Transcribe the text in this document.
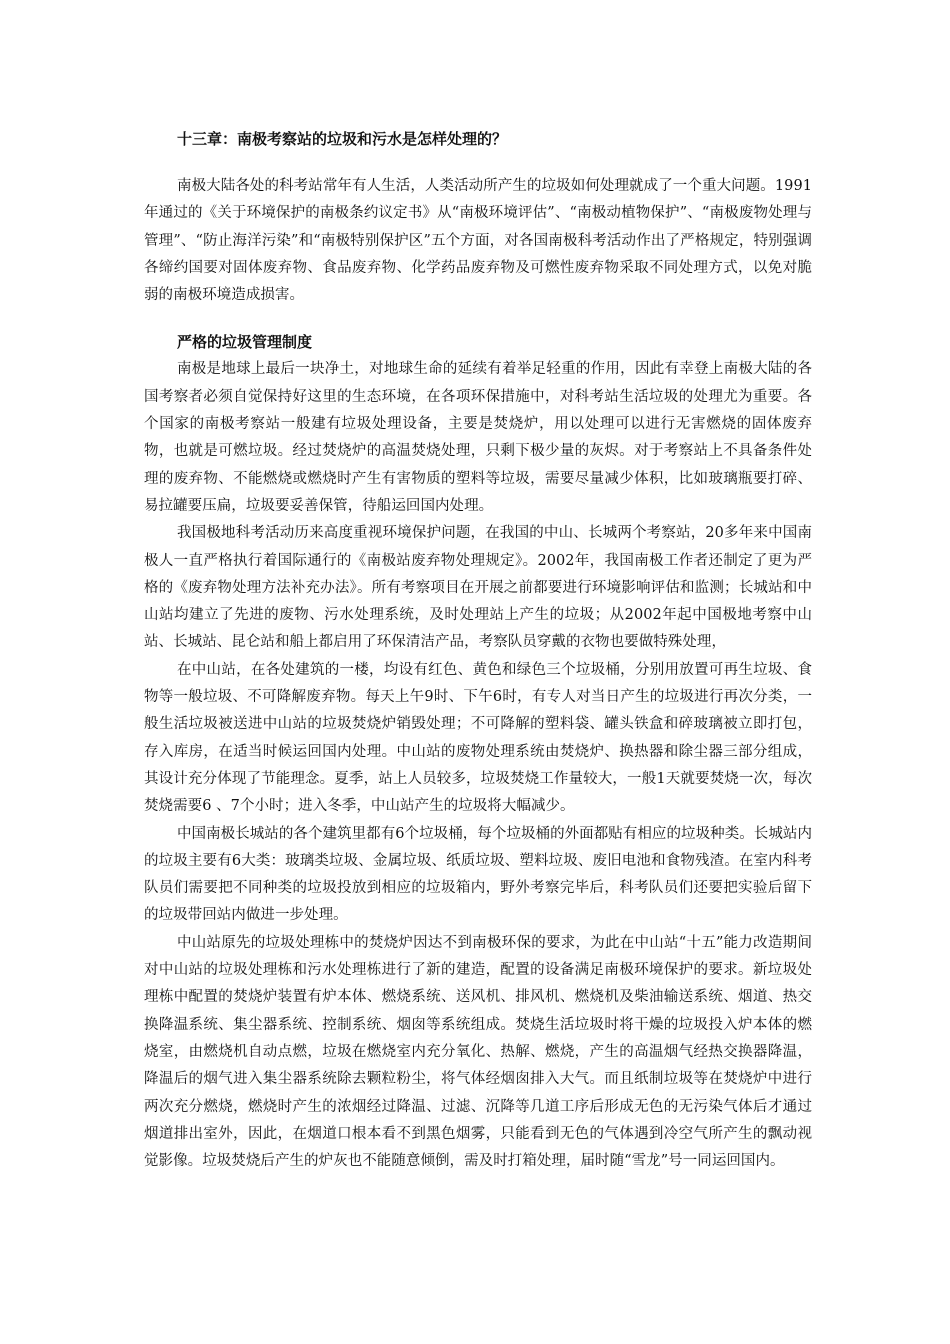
十三章：南极考察站的垃圾和污水是怎样处理的？

南极大陆各处的科考站常年有人生活，人类活动所产生的垃圾如何处理就成了一个重大问题。1991年通过的《关于环境保护的南极条约议定书》从“南极环境评估”、“南极动植物保护”、“南极废物处理与管理”、“防止海洋污染”和“南极特别保护区”五个方面，对各国南极科考活动作出了严格规定，特别强调各缔约国要对固体废弃物、食品废弃物、化学药品废弃物及可燃性废弃物采取不同处理方式，以免对脆弱的南极环境造成损害。

严格的垃圾管理制度

南极是地球上最后一块净土，对地球生命的延续有着举足轻重的作用，因此有幸登上南极大陆的各国考察者必须自觉保持好这里的生态环境，在各项环保措施中，对科考站生活垃圾的处理尤为重要。各个国家的南极考察站一般建有垃圾处理设备，主要是焚烧炉，用以处理可以进行无害燃烧的固体废弃物，也就是可燃垃圾。经过焚烧炉的高温焚烧处理，只剩下极少量的灰烬。对于考察站上不具备条件处理的废弃物、不能燃烧或燃烧时产生有害物质的塑料等垃圾，需要尽量减少体积，比如玻璃瓶要打碎、易拉罐要压扁，垃圾要妥善保管，待船运回国内处理。

我国极地科考活动历来高度重视环境保护问题，在我国的中山、长城两个考察站，20多年来中国南极人一直严格执行着国际通行的《南极站废弃物处理规定》。2002年，我国南极工作者还制定了更为严格的《废弃物处理方法补充办法》。所有考察项目在开展之前都要进行环境影响评估和监测；长城站和中山站均建立了先进的废物、污水处理系统，及时处理站上产生的垃圾；从2002年起中国极地考察中山站、长城站、昆仑站和船上都启用了环保清洁产品，考察队员穿戴的衣物也要做特殊处理，

在中山站，在各处建筑的一楼，均设有红色、黄色和绿色三个垃圾桶，分别用放置可再生垃圾、食物等一般垃圾、不可降解废弃物。每天上午9时、下午6时，有专人对当日产生的垃圾进行再次分类，一般生活垃圾被送进中山站的垃圾焚烧炉销毁处理；不可降解的塑料袋、罐头铁盒和碎玻璃被立即打包，存入库房，在适当时候运回国内处理。中山站的废物处理系统由焚烧炉、换热器和除尘器三部分组成，其设计充分体现了节能理念。夏季，站上人员较多，垃圾焚烧工作量较大，一般1天就要焚烧一次，每次焚烧需要6 、7个小时；进入冬季，中山站产生的垃圾将大幅减少。

中国南极长城站的各个建筑里都有6个垃圾桶，每个垃圾桶的外面都贴有相应的垃圾种类。长城站内的垃圾主要有6大类：玻璃类垃圾、金属垃圾、纸质垃圾、塑料垃圾、废旧电池和食物残渣。在室内科考队员们需要把不同种类的垃圾投放到相应的垃圾箱内，野外考察完毕后，科考队员们还要把实验后留下的垃圾带回站内做进一步处理。

中山站原先的垃圾处理栋中的焚烧炉因达不到南极环保的要求，为此在中山站“十五”能力改造期间对中山站的垃圾处理栋和污水处理栋进行了新的建造，配置的设备满足南极环境保护的要求。新垃圾处理栋中配置的焚烧炉装置有炉本体、燃烧系统、送风机、排风机、燃烧机及柴油输送系统、烟道、热交换降温系统、集尘器系统、控制系统、烟囱等系统组成。焚烧生活垃圾时将干燥的垃圾投入炉本体的燃烧室，由燃烧机自动点燃，垃圾在燃烧室内充分氧化、热解、燃烧，产生的高温烟气经热交换器降温，降温后的烟气进入集尘器系统除去颗粒粉尘，将气体经烟囱排入大气。而且纸制垃圾等在焚烧炉中进行两次充分燃烧，燃烧时产生的浓烟经过降温、过滤、沉降等几道工序后形成无色的无污染气体后才通过烟道排出室外，因此，在烟道口根本看不到黑色烟雾，只能看到无色的气体遇到冷空气所产生的飘动视觉影像。垃圾焚烧后产生的炉灰也不能随意倾倒，需及时打箱处理，届时随“雪龙”号一同运回国内。
